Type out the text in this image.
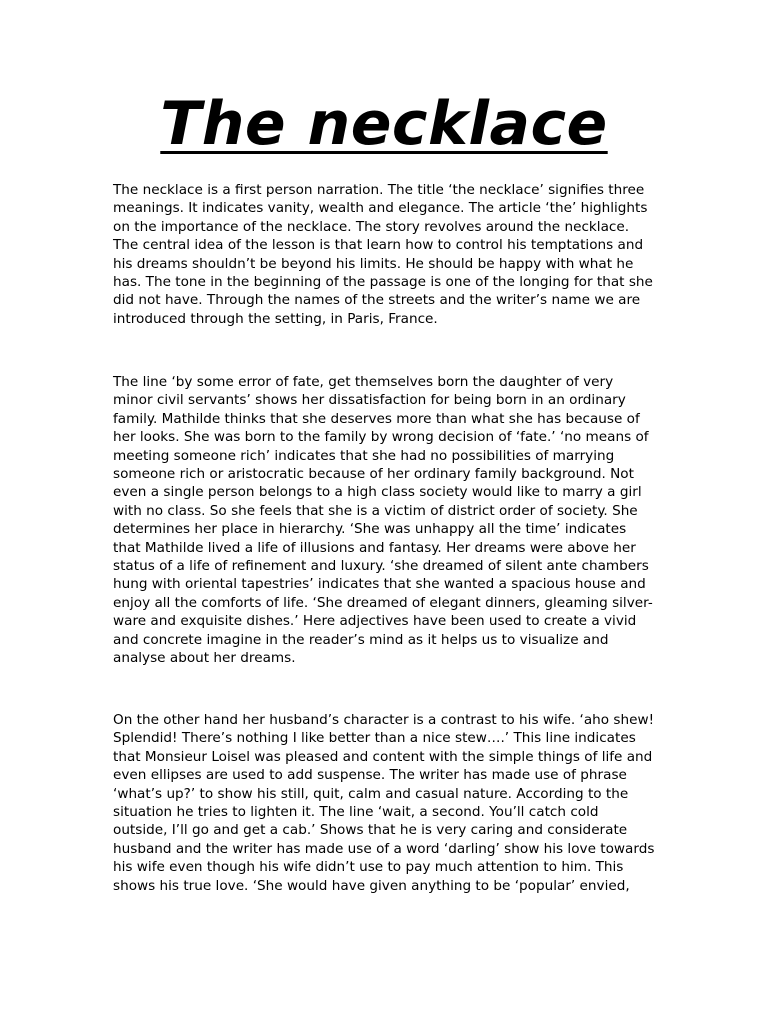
The necklace

The necklace is a first person narration. The title ‘the necklace’ signifies three
meanings. It indicates vanity, wealth and elegance. The article ‘the’ highlights
on the importance of the necklace. The story revolves around the necklace.
The central idea of the lesson is that learn how to control his temptations and
his dreams shouldn’t be beyond his limits. He should be happy with what he
has. The tone in the beginning of the passage is one of the longing for that she
did not have. Through the names of the streets and the writer’s name we are
introduced through the setting, in Paris, France.

The line ‘by some error of fate, get themselves born the daughter of very
minor civil servants’ shows her dissatisfaction for being born in an ordinary
family. Mathilde thinks that she deserves more than what she has because of
her looks. She was born to the family by wrong decision of ‘fate.’ ‘no means of
meeting someone rich’ indicates that she had no possibilities of marrying
someone rich or aristocratic because of her ordinary family background. Not
even a single person belongs to a high class society would like to marry a girl
with no class. So she feels that she is a victim of district order of society. She
determines her place in hierarchy. ‘She was unhappy all the time’ indicates
that Mathilde lived a life of illusions and fantasy. Her dreams were above her
status of a life of refinement and luxury. ‘she dreamed of silent ante chambers
hung with oriental tapestries’ indicates that she wanted a spacious house and
enjoy all the comforts of life. ‘She dreamed of elegant dinners, gleaming silver-
ware and exquisite dishes.’ Here adjectives have been used to create a vivid
and concrete imagine in the reader’s mind as it helps us to visualize and
analyse about her dreams.

On the other hand her husband’s character is a contrast to his wife. ‘aho shew!
Splendid! There’s nothing I like better than a nice stew….’ This line indicates
that Monsieur Loisel was pleased and content with the simple things of life and
even ellipses are used to add suspense. The writer has made use of phrase
‘what’s up?’ to show his still, quit, calm and casual nature. According to the
situation he tries to lighten it. The line ‘wait, a second. You’ll catch cold
outside, I’ll go and get a cab.’ Shows that he is very caring and considerate
husband and the writer has made use of a word ‘darling’ show his love towards
his wife even though his wife didn’t use to pay much attention to him. This
shows his true love. ‘She would have given anything to be ‘popular’ envied,
